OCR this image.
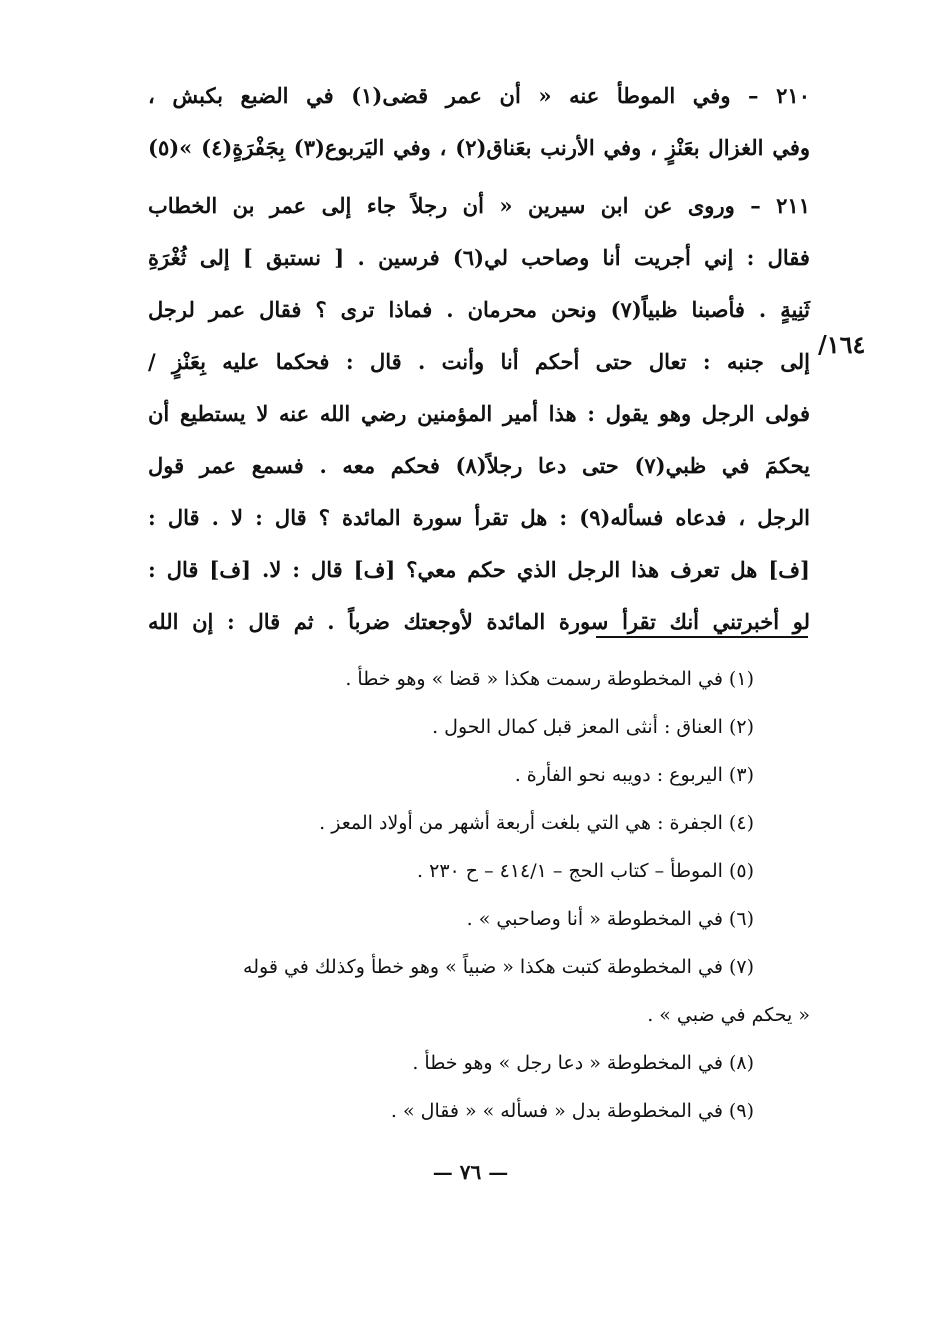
٢١٠ – وفي الموطأ عنه « أن عمر قضى(١) في الضبع بكبش ،
وفي الغزال بعَنْزٍ ، وفي الأرنب بعَناق(٢) ، وفي اليَربوع(٣) بِجَفْرَةٍ(٤) »(٥)
٢١١ – وروى عن ابن سيرين « أن رجلاً جاء إلى عمر بن الخطاب
فقال : إني أجريت أنا وصاحب لي(٦) فرسين . [ نستبق ] إلى ثُغْرَةِ
ثَنِيةٍ . فأصبنا ظبياً(٧) ونحن محرمان . فماذا ترى ؟ فقال عمر لرجل
إلى جنبه : تعال حتى أحكم أنا وأنت . قال : فحكما عليه بِعَنْزٍ /
فولى الرجل وهو يقول : هذا أمير المؤمنين رضي الله عنه لا يستطيع أن
يحكمَ في ظبي(٧) حتى دعا رجلاً(٨) فحكم معه . فسمع عمر قول
الرجل ، فدعاه فسأله(٩) : هل تقرأ سورة المائدة ؟ قال : لا . قال :
[ف] هل تعرف هذا الرجل الذي حكم معي؟ [ف] قال : لا. [ف] قال :
لو أخبرتني أنك تقرأ سورة المائدة لأوجعتك ضرباً . ثم قال : إن الله
١٦٤/
(١) في المخطوطة رسمت هكذا « قضا » وهو خطأ .
(٢) العناق : أنثى المعز قبل كمال الحول .
(٣) اليربوع : دويبه نحو الفأرة .
(٤) الجفرة : هي التي بلغت أربعة أشهر من أولاد المعز .
(٥) الموطأ – كتاب الحج – ٤١٤/١ – ح ٢٣٠ .
(٦) في المخطوطة « أنا وصاحبي » .
(٧) في المخطوطة كتبت هكذا « ضبياً » وهو خطأ وكذلك في قوله
« يحكم في ضبي » .
(٨) في المخطوطة « دعا رجل » وهو خطأ .
(٩) في المخطوطة بدل « فسأله » « فقال » .
— ٧٦ —
